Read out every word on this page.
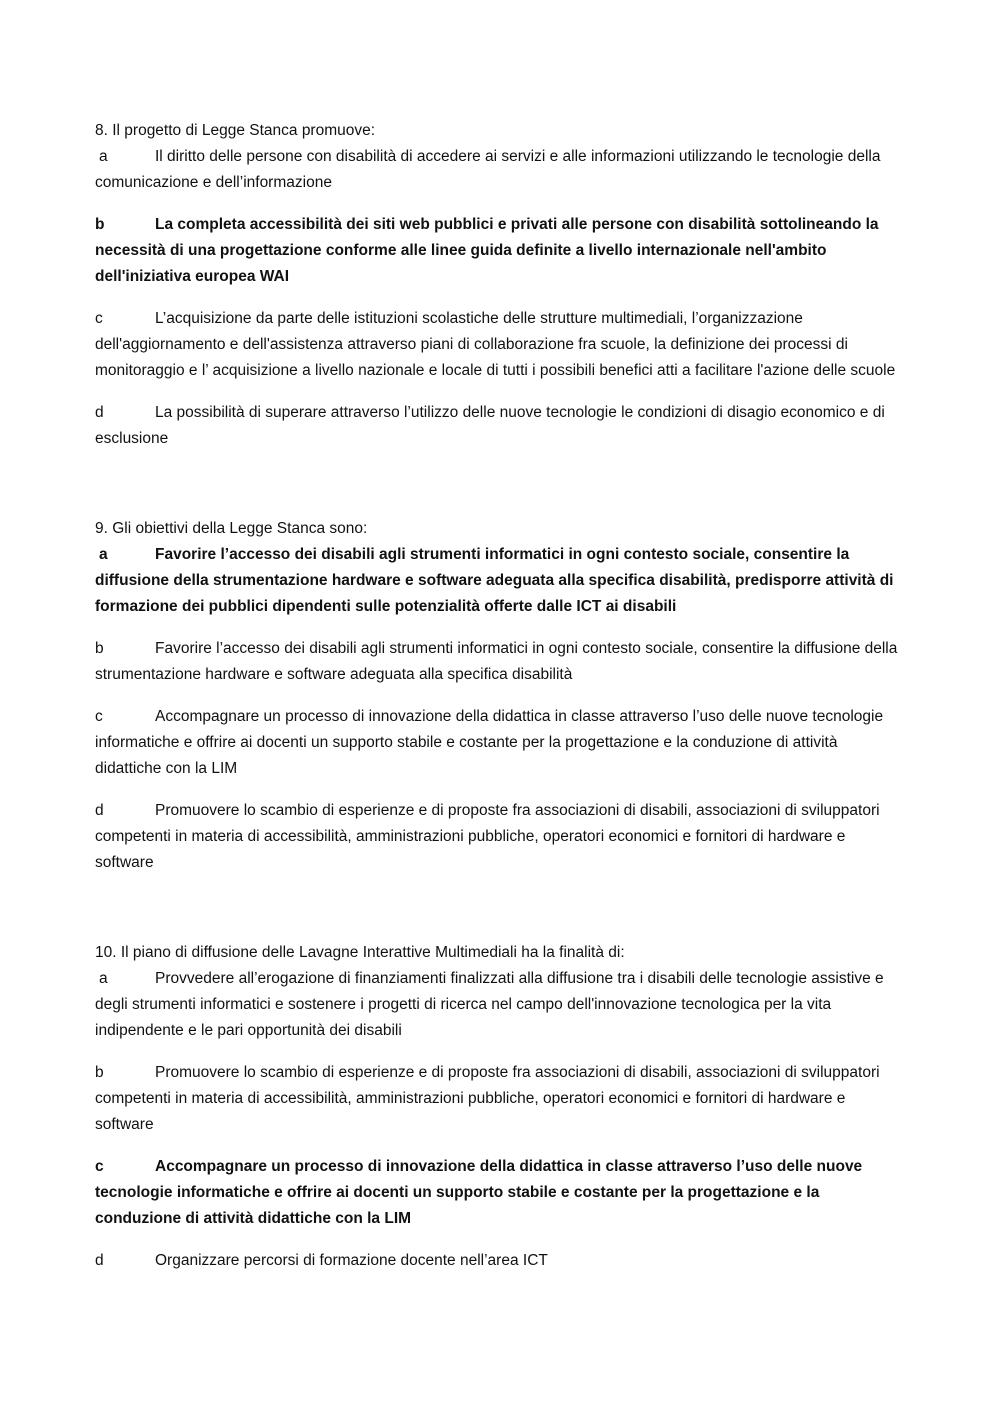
8. Il progetto di Legge Stanca promuove:

a	Il diritto delle persone con disabilità di accedere ai servizi e alle informazioni utilizzando le tecnologie della comunicazione e dell’informazione

b	La completa accessibilità dei siti web pubblici e privati alle persone con disabilità sottolineando la necessità di una progettazione conforme alle linee guida definite a livello internazionale nell'ambito dell'iniziativa europea WAI

c	L’acquisizione da parte delle istituzioni scolastiche delle strutture multimediali, l’organizzazione dell'aggiornamento e dell'assistenza attraverso piani di collaborazione fra scuole, la definizione dei processi di monitoraggio e l’ acquisizione a livello nazionale e locale di tutti i possibili benefici atti a facilitare l'azione delle scuole

d	La possibilità di superare attraverso l’utilizzo delle nuove tecnologie le condizioni di disagio economico e di esclusione

9. Gli obiettivi della Legge Stanca sono:

a	Favorire l’accesso dei disabili agli strumenti informatici in ogni contesto sociale, consentire la diffusione della strumentazione hardware e software adeguata alla specifica disabilità, predisporre attività di formazione dei pubblici dipendenti sulle potenzialità offerte dalle ICT ai disabili

b	Favorire l’accesso dei disabili agli strumenti informatici in ogni contesto sociale, consentire la diffusione della strumentazione hardware e software adeguata alla specifica disabilità

c	Accompagnare un processo di innovazione della didattica in classe attraverso l’uso delle nuove tecnologie informatiche e offrire ai docenti un supporto stabile e costante per la progettazione e la conduzione di attività didattiche con la LIM

d	Promuovere lo scambio di esperienze e di proposte fra associazioni di disabili, associazioni di sviluppatori competenti in materia di accessibilità, amministrazioni pubbliche, operatori economici e fornitori di hardware e software

10. Il piano di diffusione delle Lavagne Interattive Multimediali ha la finalità di:

a	Provvedere all’erogazione di finanziamenti finalizzati alla diffusione tra i disabili delle tecnologie assistive e degli strumenti informatici e sostenere i progetti di ricerca nel campo dell'innovazione tecnologica per la vita indipendente e le pari opportunità dei disabili

b	Promuovere lo scambio di esperienze e di proposte fra associazioni di disabili, associazioni di sviluppatori competenti in materia di accessibilità, amministrazioni pubbliche, operatori economici e fornitori di hardware e software

c	Accompagnare un processo di innovazione della didattica in classe attraverso l’uso delle nuove tecnologie informatiche e offrire ai docenti un supporto stabile e costante per la progettazione e la conduzione di attività didattiche con la LIM

d	Organizzare percorsi di formazione docente nell’area ICT
